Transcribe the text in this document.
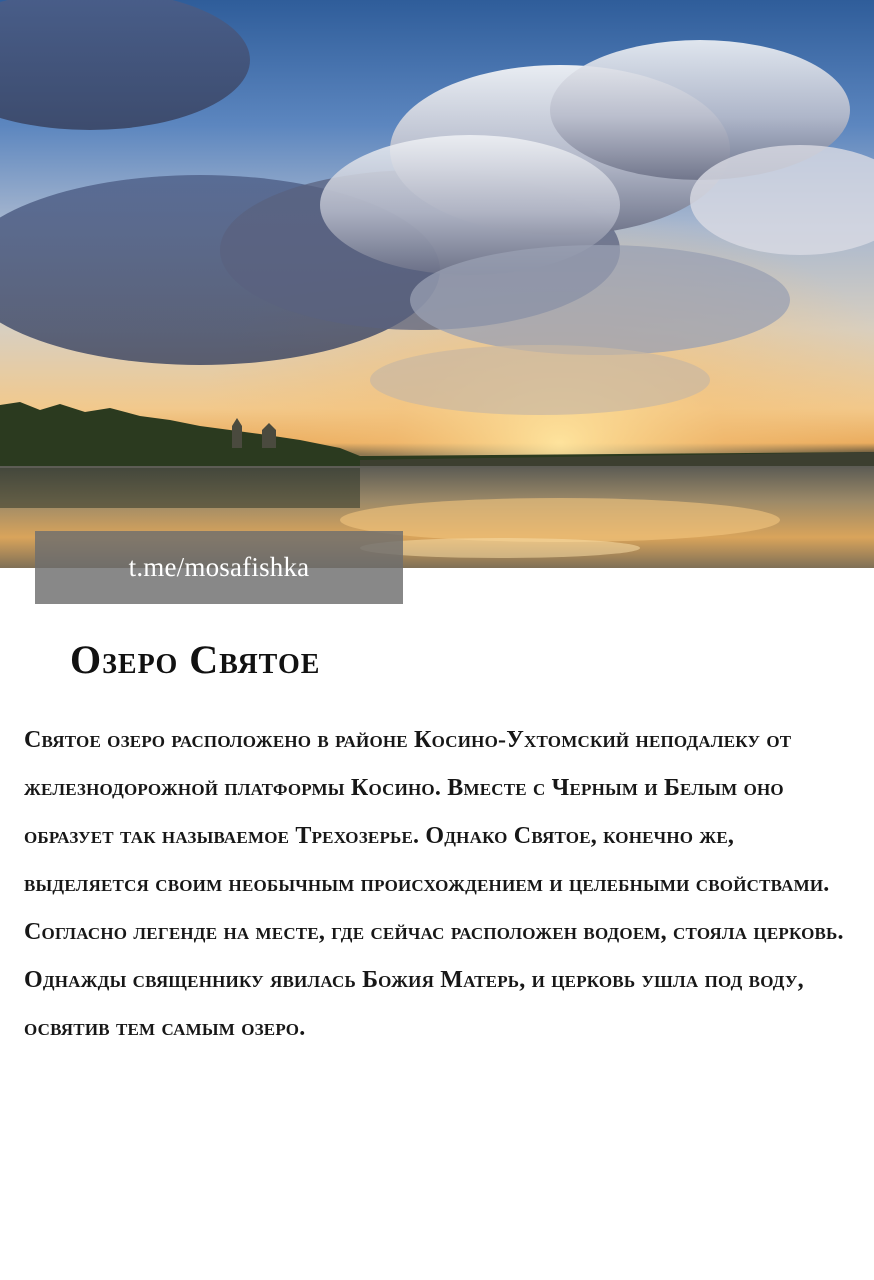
t.me/mosafishka
Озеро Святое

Святое озеро расположено в районе Косино-Ухтомский неподалеку от железнодорожной платформы Косино. Вместе с Черным и Белым оно образует так называемое Трехозерье. Однако Святое, конечно же, выделяется своим необычным происхождением и целебными свойствами. Согласно легенде на месте, где сейчас расположен водоем, стояла церковь. Однажды священнику явилась Божия Матерь, и церковь ушла под воду, освятив тем самым озеро.
